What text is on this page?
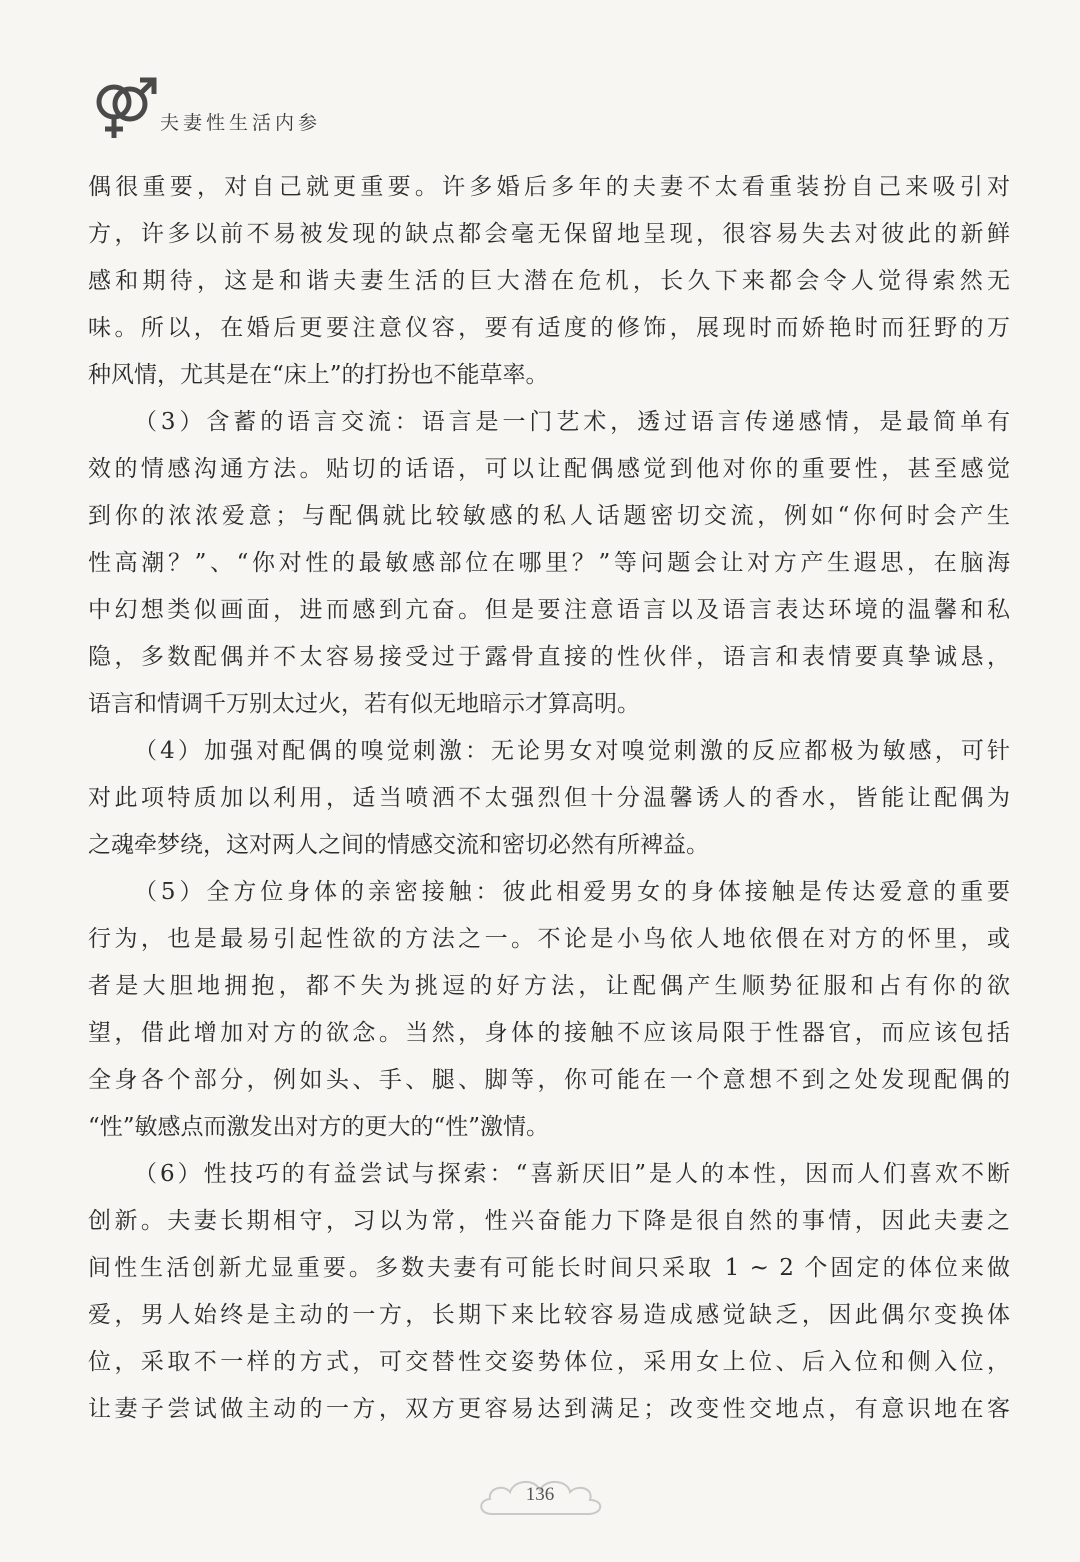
夫妻性生活内参
偶很重要，对自己就更重要。许多婚后多年的夫妻不太看重装扮自己来吸引对
方，许多以前不易被发现的缺点都会毫无保留地呈现，很容易失去对彼此的新鲜
感和期待，这是和谐夫妻生活的巨大潜在危机，长久下来都会令人觉得索然无
味。所以，在婚后更要注意仪容，要有适度的修饰，展现时而娇艳时而狂野的万
种风情，尤其是在“床上”的打扮也不能草率。
（3）含蓄的语言交流：语言是一门艺术，透过语言传递感情，是最简单有
效的情感沟通方法。贴切的话语，可以让配偶感觉到他对你的重要性，甚至感觉
到你的浓浓爱意；与配偶就比较敏感的私人话题密切交流，例如“你何时会产生
性高潮？”、“你对性的最敏感部位在哪里？”等问题会让对方产生遐思，在脑海
中幻想类似画面，进而感到亢奋。但是要注意语言以及语言表达环境的温馨和私
隐，多数配偶并不太容易接受过于露骨直接的性伙伴，语言和表情要真挚诚恳，
语言和情调千万别太过火，若有似无地暗示才算高明。
（4）加强对配偶的嗅觉刺激：无论男女对嗅觉刺激的反应都极为敏感，可针
对此项特质加以利用，适当喷洒不太强烈但十分温馨诱人的香水，皆能让配偶为
之魂牵梦绕，这对两人之间的情感交流和密切必然有所裨益。
（5）全方位身体的亲密接触：彼此相爱男女的身体接触是传达爱意的重要
行为，也是最易引起性欲的方法之一。不论是小鸟依人地依偎在对方的怀里，或
者是大胆地拥抱，都不失为挑逗的好方法，让配偶产生顺势征服和占有你的欲
望，借此增加对方的欲念。当然，身体的接触不应该局限于性器官，而应该包括
全身各个部分，例如头、手、腿、脚等，你可能在一个意想不到之处发现配偶的
“性”敏感点而激发出对方的更大的“性”激情。
（6）性技巧的有益尝试与探索：“喜新厌旧”是人的本性，因而人们喜欢不断
创新。夫妻长期相守，习以为常，性兴奋能力下降是很自然的事情，因此夫妻之
间性生活创新尤显重要。多数夫妻有可能长时间只采取 1 ~ 2 个固定的体位来做
爱，男人始终是主动的一方，长期下来比较容易造成感觉缺乏，因此偶尔变换体
位，采取不一样的方式，可交替性交姿势体位，采用女上位、后入位和侧入位，
让妻子尝试做主动的一方，双方更容易达到满足；改变性交地点，有意识地在客
136
